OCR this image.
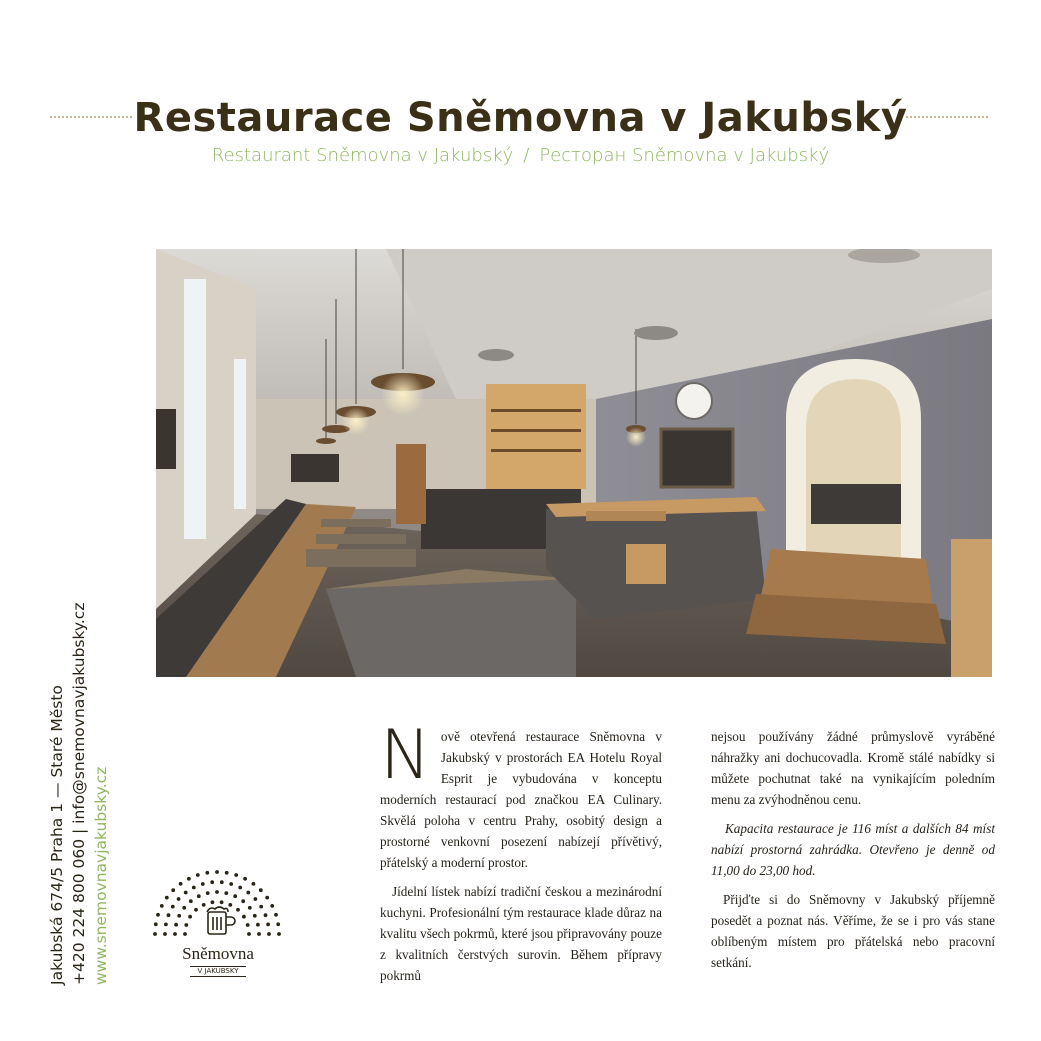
Restaurace Sněmovna v Jakubský
Restaurant Sněmovna v Jakubský / Ресторан Sněmovna v Jakubský
Jakubská 674/5 Praha 1 — Staré Město +420 224 800 060 | info@snemovnavjakubsky.cz www.snemovnavjakubsky.cz	Sněmovna
V JAKUBSKÝ

Nově otevřená restaurace Sněmovna v Jakubský v prostorách EA Hotelu Royal Esprit je vybudována v konceptu moderních restaurací pod značkou EA Culinary. Skvělá poloha v centru Prahy, osobitý design a prostorné venkovní posezení nabízejí přívětivý, přátelský a moderní prostor.

Jídelní lístek nabízí tradiční českou a mezinárodní kuchyni. Profesionální tým restaurace klade důraz na kvalitu všech pokrmů, které jsou připravovány pouze z kvalitních čerstvých surovin. Během přípravy pokrmů

nejsou používány žádné průmyslově vyráběné náhražky ani dochucovadla. Kromě stálé nabídky si můžete pochutnat také na vynikajícím poledním menu za zvýhodněnou cenu.

Kapacita restaurace je 116 míst a dalších 84 míst nabízí prostorná zahrádka. Otevřeno je denně od 11,00 do 23,00 hod.

Přijďte si do Sněmovny v Jakubský příjemně posedět a poznat nás. Věříme, že se i pro vás stane oblíbeným místem pro přátelská nebo pracovní setkání.
